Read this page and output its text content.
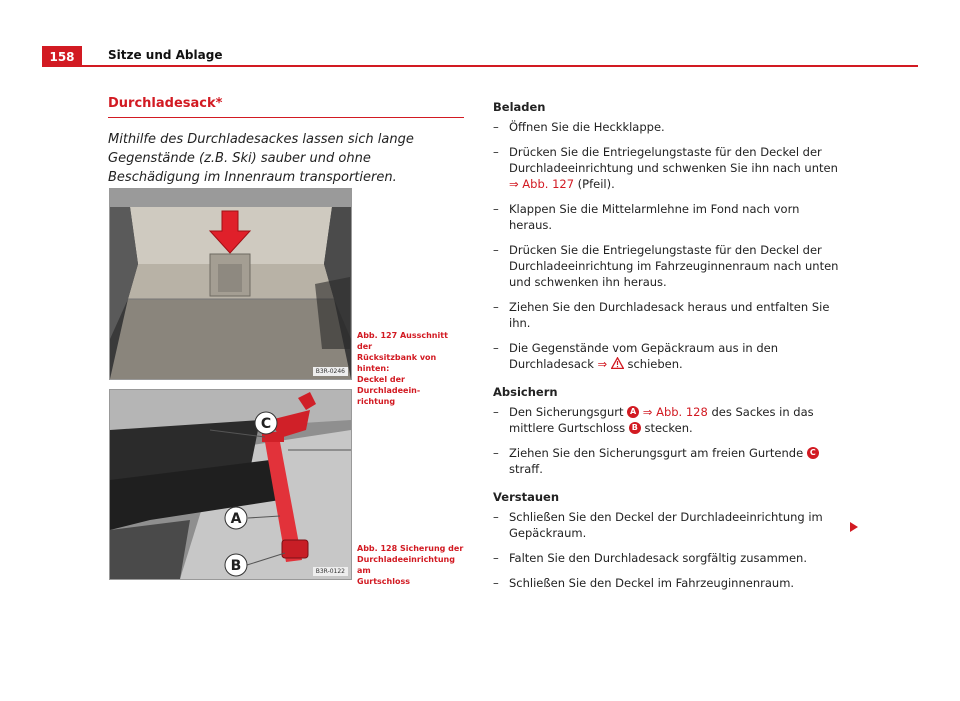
158	Sitze und Ablage
Durchladesack*

Mithilfe des Durchladesackes lassen sich lange Gegenstände (z.B. Ski) sauber und ohne Beschädigung im Innenraum transportieren.

B3R-0246
Abb. 127 Ausschnitt der
Rücksitzbank von hinten:
Deckel der Durchladeein-
richtung
C
A
B	B3R-0122
Abb. 128 Sicherung der
Durchladeeinrichtung am
Gurtschloss

Beladen

– Öffnen Sie die Heckklappe.

– Drücken Sie die Entriegelungstaste für den Deckel der Durchladeeinrichtung und schwenken Sie ihn nach unten ⇒ Abb. 127 (Pfeil).

– Klappen Sie die Mittelarmlehne im Fond nach vorn heraus.

– Drücken Sie die Entriegelungstaste für den Deckel der Durchladeeinrichtung im Fahrzeuginnenraum nach unten und schwenken ihn heraus.

– Ziehen Sie den Durchladesack heraus und entfalten Sie ihn.

– Die Gegenstände vom Gepäckraum aus in den Durchladesack ⇒  schieben.

Absichern

– Den Sicherungsgurt A ⇒ Abb. 128 des Sackes in das mittlere Gurtschloss B stecken.

– Ziehen Sie den Sicherungsgurt am freien Gurtende C straff.

Verstauen

– Schließen Sie den Deckel der Durchladeeinrichtung im Gepäckraum.

– Falten Sie den Durchladesack sorgfältig zusammen.

– Schließen Sie den Deckel im Fahrzeuginnenraum.
